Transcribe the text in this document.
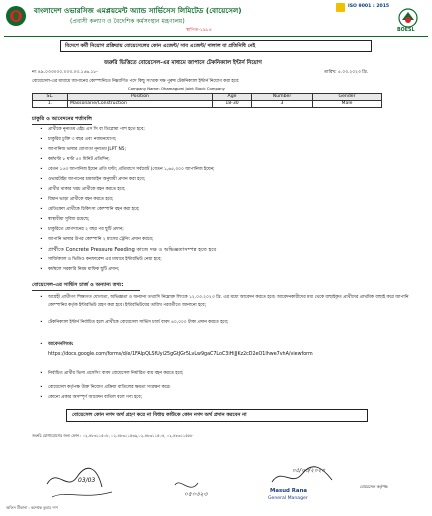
বাংলাদেশ ওভারসিজ এমপ্লয়মেন্ট অ্যান্ড সার্ভিসেস লিমিটেড (বোয়েসেল)
(প্রবাসী কল্যাণ ও বৈদেশিক কর্মসংস্থান মন্ত্রণালয়)
স্থাপিত-১৯৮৪
ISO 9001 : 2015
BOESL
বিদেশে কর্মী নিয়োগ প্রক্রিয়ায় বোয়েসেলের কোন এজেন্ট/ সাব এজেন্ট/ দালাল বা প্রতিনিধি নেই
জরুরি ভিত্তিতে বোয়েসেল-এর মাধ্যমে জাপানে টেকনিক্যাল ইন্টার্ন নিয়োগ
নং ৪৯.০৩৩০০০.০০৩.০৩.১৫৬.১৮-	তারিখ: ৫.০৩.২০২৩ খ্রি.
বোয়েসেল-এর মাধ্যমে জাপানের কোম্পানিতে নিম্নবর্ণিত পদে কিছু সংখ্যক দক্ষ পুরুষ টেকনিক্যাল ইন্টার্ন নিয়োগ করা হবে:
Company Name: Ohamagumi Joint Stock Company
SL.	Position	Age	Number	Gender
1.	Massonarie/Construction	18-30	3	Male
চাকুরি ও আবেদনের শর্তাবলি
• প্রার্থীকে নূন্যতম এইচ এস সি বা ডিপ্লোমা পাশ হতে হবে;
• চাকুরির চুক্তি ৩ বছর এবং নবায়নযোগ্য;
• জাপানিজ ভাষার যোগ্যতা নূন্যতম JLPT N5;
• কর্মঘণ্টা ৮ ঘণ্টা ৫০ মিনিট প্রতিদিন;
• বেতন ১৫৩ জাপানিজ ইয়েন প্রতি ঘণ্টা; প্রতিমাসে সর্বমোট (বেতন ১,৬৫,০০০ জাপানিজ ইয়েন;
• ওভারটাইম জাপানের শ্রমআইন অনুযায়ী প্রদান করা হবে;
• প্রার্থীর থাকার খরচ প্রার্থীকে বহন করতে হবে;
• বিমান ভাড়া প্রার্থীকে বহন করতে হবে;
• মেডিকেল প্রার্থীকে চিকিৎসা কোম্পানি বহন করা হবে;
• স্বাস্থ্যবীমা সুবিধা রয়েছে;
• চাকুরিতে যোগদানের ২ বছর পর ছুটি প্রদান;
• জাপানি ভাষার উপর কোম্পানি ২ মাসের ট্রেনিং প্রদান করবে;
• প্রার্থীকে Concrete Pressure Feeding কাজে দক্ষ ও অভিজ্ঞতাসম্পন্ন হতে হবে
• সার্জিক্যাল ও ভিডিও কনফারেন্স এর মাধ্যমে ইন্টারভিউ নেয়া হবে;
• কর্মস্থলে সরকারি নিয়ম মাফিক ছুটি প্রদান;
বোয়েসেল-এর সার্ভিস চার্জ ও অন্যান্য তথ্য:
• আগ্রহী প্রার্থীগণ শিক্ষাগত যোগ্যতা, অভিজ্ঞতা ও অন্যান্য তথ্যাদি নিম্নোক্ত লিংকে ১২.০৩.২০২৩ খ্রি. এর মধ্যে আবেদন করতে হবে। আবেদনকারীদের মধ্য থেকে বাছাইকৃত প্রার্থীদের প্রাথমিক বাছাই করে জাপানি কোম্পানির কর্তৃক ইন্টারভিউ গ্রহণ করা হবে। ইন্টারভিউয়ের তারিখ পরবর্তীতে জানানো হবে;
• টেকনিক্যাল ইন্টার্ন নির্বাচিত হলে প্রার্থীকে বোয়েসেল সার্ভিস চার্জ বাবদ ৪০,০০০ টাকা প্রদান করতে হবে;
• আবেদনলিংক:
https://docs.google.com/forms/d/e/1FAIpQLSfUyi25gGtJGr5LvLw9gaC7LoC3iHiJJKz2cD2eO1Ihwe7vhA/viewform
• নির্বাচিত প্রার্থীর ভিসা প্রসেসিং বাবদ বোয়েসেল নির্ধারিত ব্যয় বহন করতে হবে;
• বোয়েসেল কর্তৃপক্ষ উক্ত নিয়োগ প্রক্রিয়া বাতিলের ক্ষমতা সংরক্ষণ করে।
• কোনো প্রকার অসম্পূর্ণ আবেদন বাতিল বলে গণ্য হবে;
বোয়েসেল কোন নগদ অর্থ গ্রহণ করে না বিধায় কাউকে কোন নগদ অর্থ প্রদান করবেন না
জরুরি যোগাযোগের জন্য ফোন : ০২-৪৮৩১১৫০৮, ০২-৪৮৩১১৫৩৯,০২-৪৮৩১১৫০৪, ০২-৪৮৩১১৫৮৮
03/03
০৫০৩২৩
০৫/০৩/২০২৩
Masud Rana
General Manager
বোয়েসেল কর্তৃপক্ষ
অফিস টিকানা : কম্প্রেক কুমার দাশ
